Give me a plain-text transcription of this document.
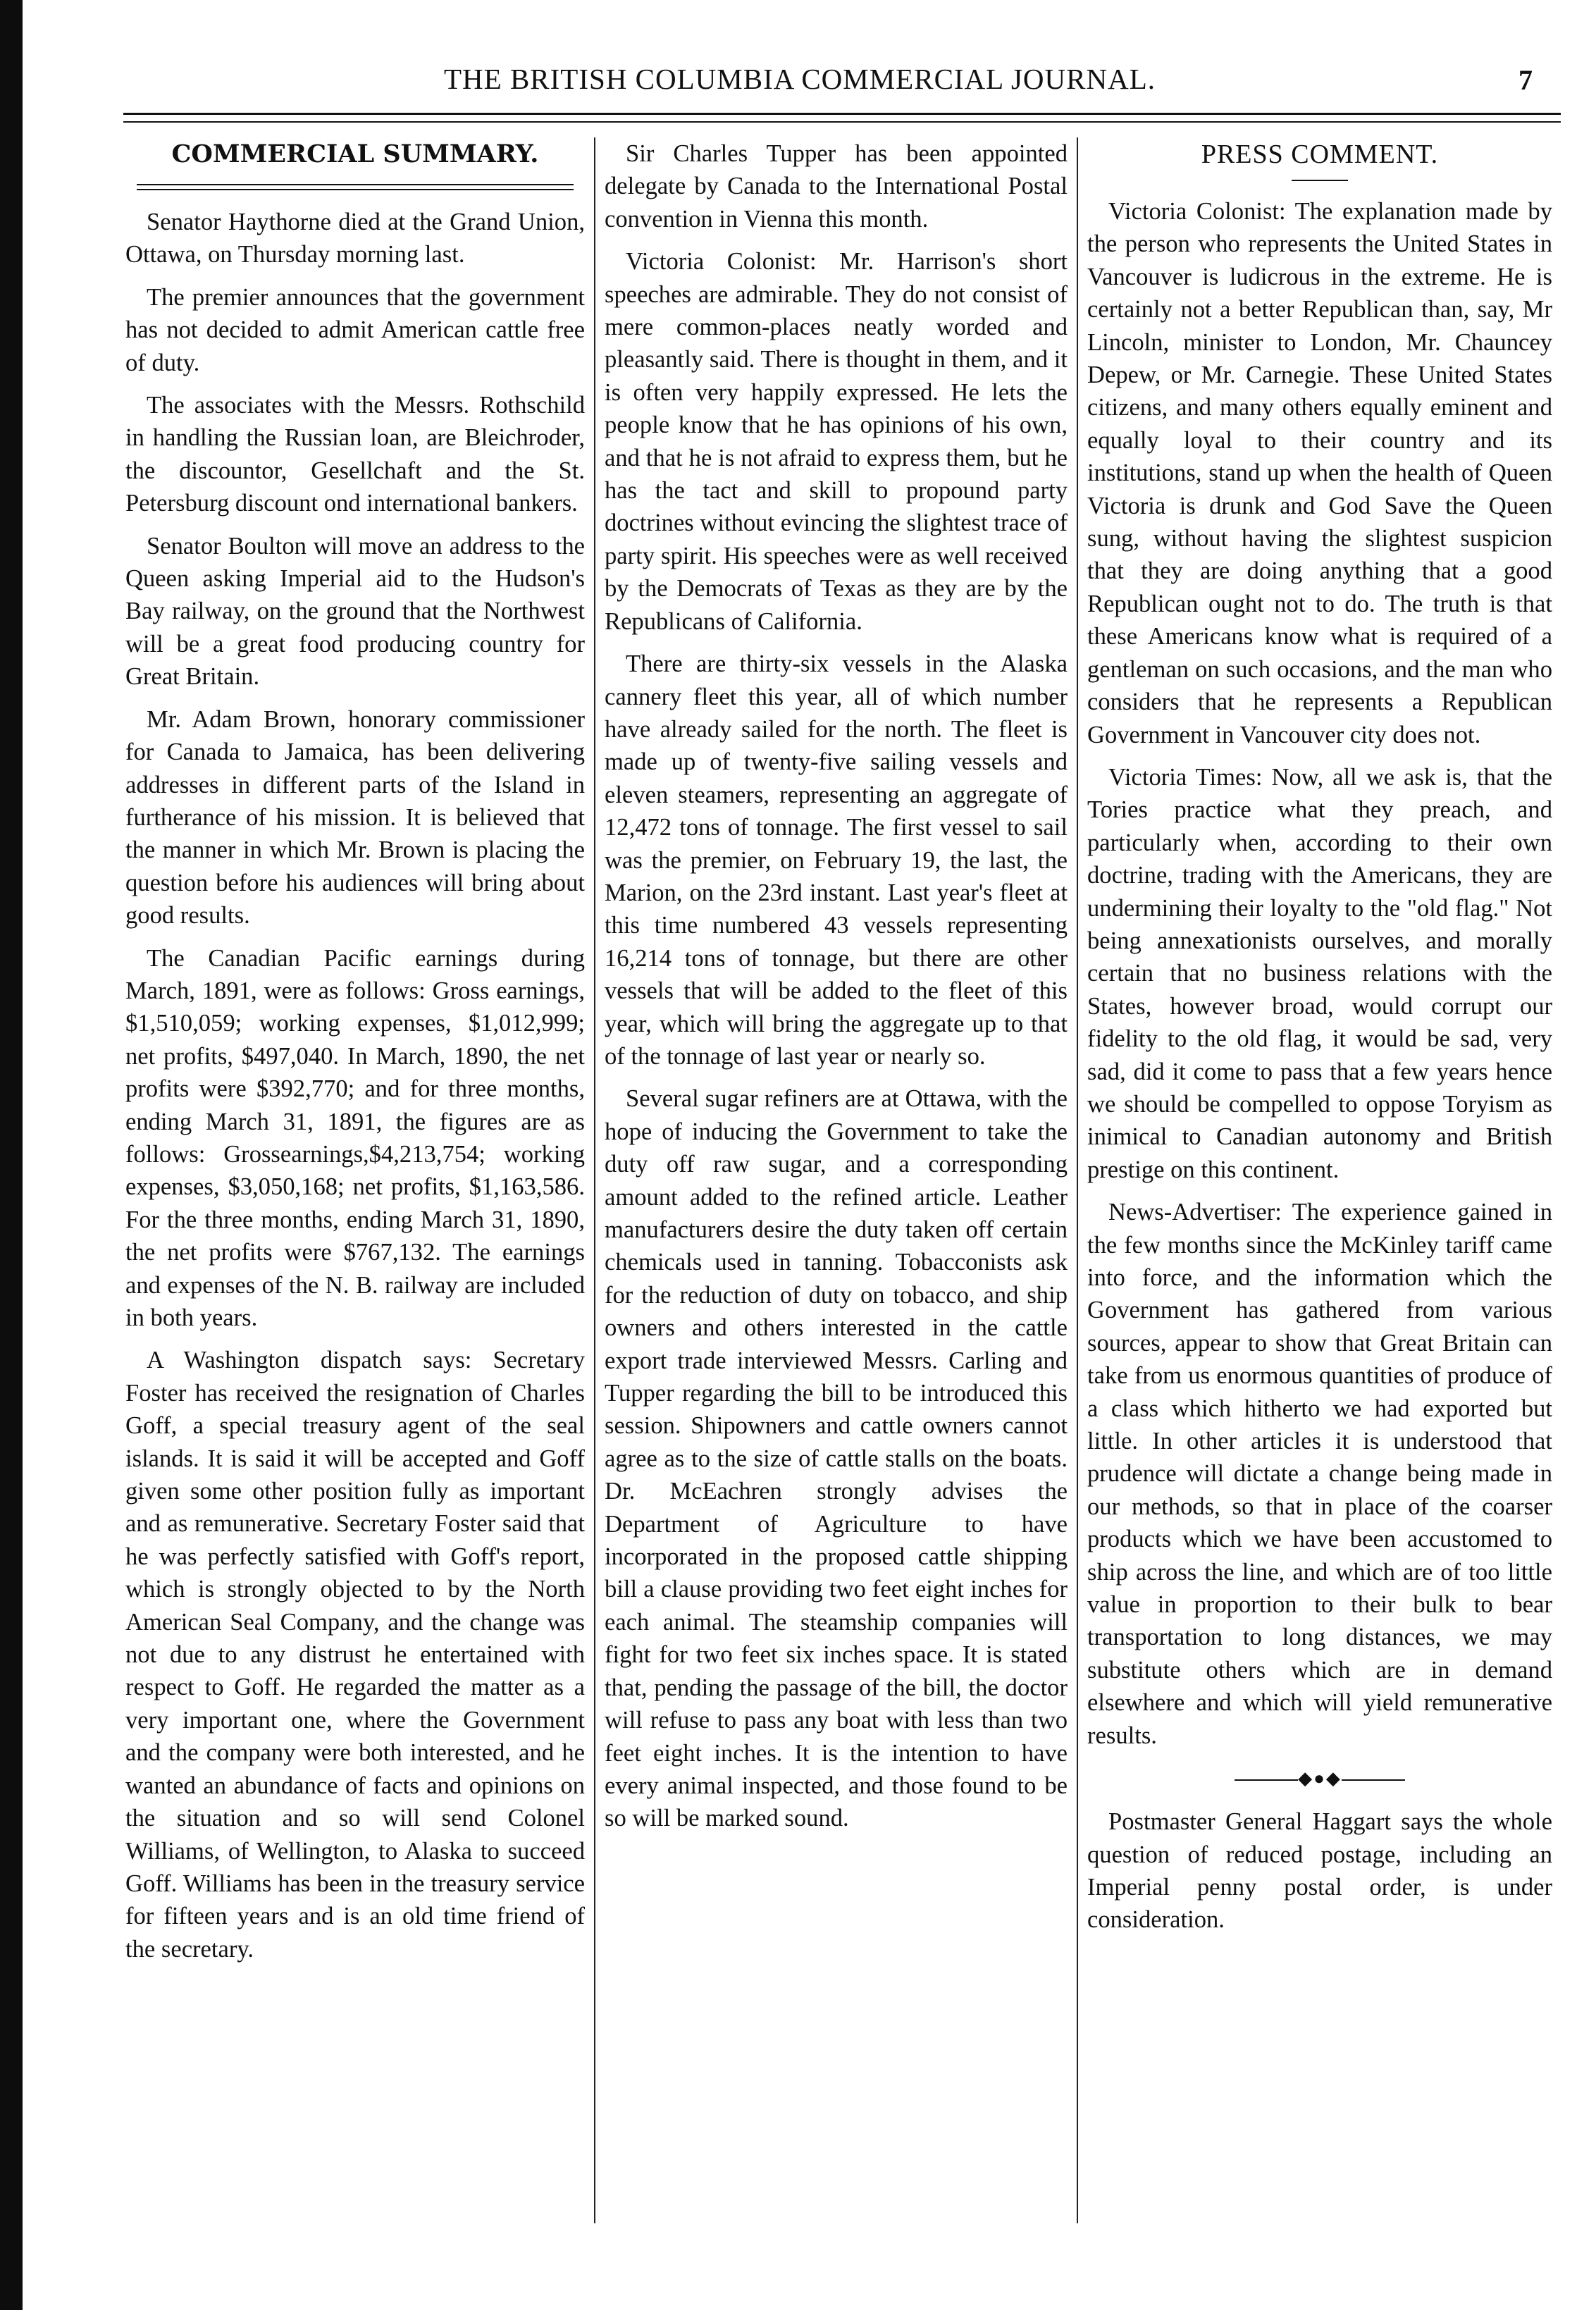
THE BRITISH COLUMBIA COMMERCIAL JOURNAL.	7
COMMERCIAL SUMMARY.

Senator Haythorne died at the Grand Union, Ottawa, on Thursday morning last.

The premier announces that the government has not decided to admit American cattle free of duty.

The associates with the Messrs. Rothschild in handling the Russian loan, are Bleichroder, the discountor, Gesellchaft and the St. Petersburg discount ond international bankers.

Senator Boulton will move an address to the Queen asking Imperial aid to the Hudson's Bay railway, on the ground that the Northwest will be a great food producing country for Great Britain.

Mr. Adam Brown, honorary commissioner for Canada to Jamaica, has been delivering addresses in different parts of the Island in furtherance of his mission. It is believed that the manner in which Mr. Brown is placing the question before his audiences will bring about good results.

The Canadian Pacific earnings during March, 1891, were as follows: Gross earnings, $1,510,059; working expenses, $1,012,999; net profits, $497,040. In March, 1890, the net profits were $392,770; and for three months, ending March 31, 1891, the figures are as follows: Grossearnings,$4,213,754; working expenses, $3,050,168; net profits, $1,163,586. For the three months, ending March 31, 1890, the net profits were $767,132. The earnings and expenses of the N. B. railway are included in both years.

A Washington dispatch says: Secretary Foster has received the resignation of Charles Goff, a special treasury agent of the seal islands. It is said it will be accepted and Goff given some other position fully as important and as remunerative. Secretary Foster said that he was perfectly satisfied with Goff's report, which is strongly objected to by the North American Seal Company, and the change was not due to any distrust he entertained with respect to Goff. He regarded the matter as a very important one, where the Government and the company were both interested, and he wanted an abundance of facts and opinions on the situation and so will send Colonel Williams, of Wellington, to Alaska to succeed Goff. Williams has been in the treasury service for fifteen years and is an old time friend of the secretary.

Sir Charles Tupper has been appointed delegate by Canada to the International Postal convention in Vienna this month.

Victoria Colonist: Mr. Harrison's short speeches are admirable. They do not consist of mere common-places neatly worded and pleasantly said. There is thought in them, and it is often very happily expressed. He lets the people know that he has opinions of his own, and that he is not afraid to express them, but he has the tact and skill to propound party doctrines without evincing the slightest trace of party spirit. His speeches were as well received by the Democrats of Texas as they are by the Republicans of California.

There are thirty-six vessels in the Alaska cannery fleet this year, all of which number have already sailed for the north. The fleet is made up of twenty-five sailing vessels and eleven steamers, representing an aggregate of 12,472 tons of tonnage. The first vessel to sail was the premier, on February 19, the last, the Marion, on the 23rd instant. Last year's fleet at this time numbered 43 vessels representing 16,214 tons of tonnage, but there are other vessels that will be added to the fleet of this year, which will bring the aggregate up to that of the tonnage of last year or nearly so.

Several sugar refiners are at Ottawa, with the hope of inducing the Government to take the duty off raw sugar, and a corresponding amount added to the refined article. Leather manufacturers desire the duty taken off certain chemicals used in tanning. Tobacconists ask for the reduction of duty on tobacco, and ship owners and others interested in the cattle export trade interviewed Messrs. Carling and Tupper regarding the bill to be introduced this session. Shipowners and cattle owners cannot agree as to the size of cattle stalls on the boats. Dr. McEachren strongly advises the Department of Agriculture to have incorporated in the proposed cattle shipping bill a clause providing two feet eight inches for each animal. The steamship companies will fight for two feet six inches space. It is stated that, pending the passage of the bill, the doctor will refuse to pass any boat with less than two feet eight inches. It is the intention to have every animal inspected, and those found to be so will be marked sound.

PRESS COMMENT.

Victoria Colonist: The explanation made by the person who represents the United States in Vancouver is ludicrous in the extreme. He is certainly not a better Republican than, say, Mr Lincoln, minister to London, Mr. Chauncey Depew, or Mr. Carnegie. These United States citizens, and many others equally eminent and equally loyal to their country and its institutions, stand up when the health of Queen Victoria is drunk and God Save the Queen sung, without having the slightest suspicion that they are doing anything that a good Republican ought not to do. The truth is that these Americans know what is required of a gentleman on such occasions, and the man who considers that he represents a Republican Government in Vancouver city does not.

Victoria Times: Now, all we ask is, that the Tories practice what they preach, and particularly when, according to their own doctrine, trading with the Americans, they are undermining their loyalty to the "old flag." Not being annexationists ourselves, and morally certain that no business relations with the States, however broad, would corrupt our fidelity to the old flag, it would be sad, very sad, did it come to pass that a few years hence we should be compelled to oppose Toryism as inimical to Canadian autonomy and British prestige on this continent.

News-Advertiser: The experience gained in the few months since the McKinley tariff came into force, and the information which the Government has gathered from various sources, appear to show that Great Britain can take from us enormous quantities of produce of a class which hitherto we had exported but little. In other articles it is understood that prudence will dictate a change being made in our methods, so that in place of the coarser products which we have been accustomed to ship across the line, and which are of too little value in proportion to their bulk to bear transportation to long distances, we may substitute others which are in demand elsewhere and which will yield remunerative results.

◆●◆

Postmaster General Haggart says the whole question of reduced postage, including an Imperial penny postal order, is under consideration.
